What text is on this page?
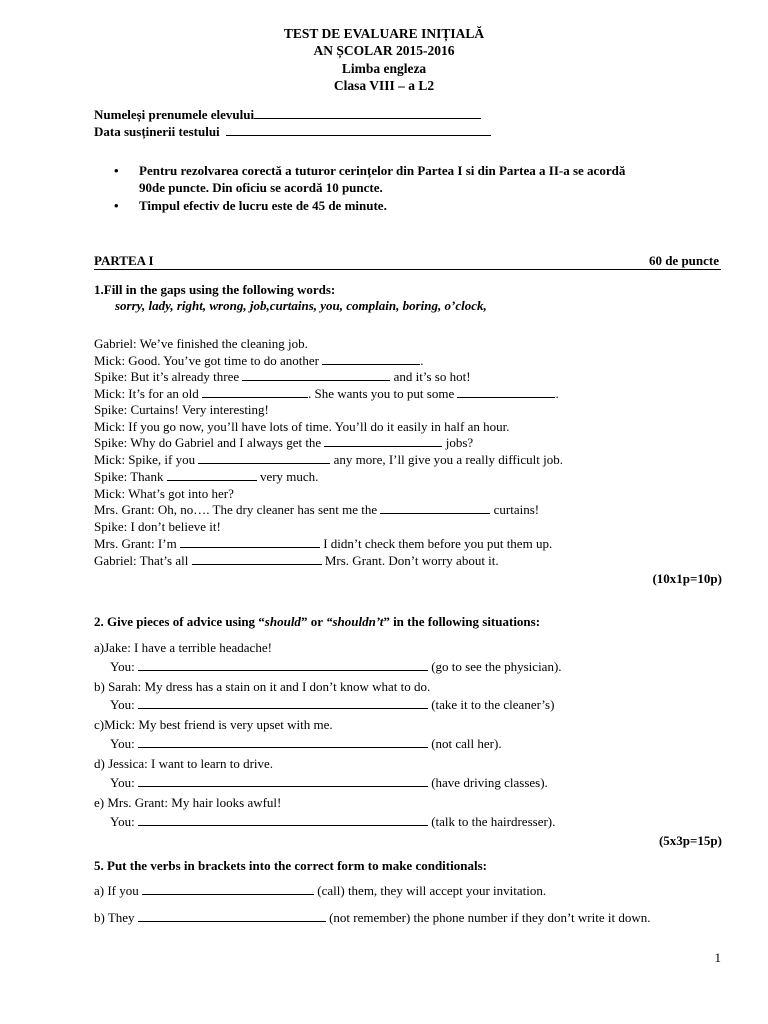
TEST DE EVALUARE INIȚIALĂ
AN ȘCOLAR 2015-2016
Limba engleza
Clasa VIII – a L2
Numeleși prenumele elevului
Data susținerii testului
• Pentru rezolvarea corectă a tuturor cerințelor din Partea I si din Partea a II-a se acordă
90de puncte. Din oficiu se acordă 10 puncte.
• Timpul efectiv de lucru este de 45 de minute.
PARTEA I	60 de puncte
1.Fill in the gaps using the following words:
sorry, lady, right, wrong, job,curtains, you, complain, boring, o’clock,
Gabriel: We’ve finished the cleaning job.
Mick: Good. You’ve got time to do another	.
Spike: But it’s already three	and it’s so hot!
Mick: It’s for an old	. She wants you to put some	.
Spike: Curtains! Very interesting!
Mick: If you go now, you’ll have lots of time. You’ll do it easily in half an hour.
Spike: Why do Gabriel and I always get the	jobs?
Mick: Spike, if you	any more, I’ll give you a really difficult job.
Spike: Thank	very much.
Mick: What’s got into her?
Mrs. Grant: Oh, no…. The dry cleaner has sent me the	curtains!
Spike: I don’t believe it!
Mrs. Grant: I’m	I didn’t check them before you put them up.
Gabriel: That’s all	Mrs. Grant. Don’t worry about it.
(10x1p=10p)
2. Give pieces of advice using “should” or “shouldn’t” in the following situations:
a)Jake: I have a terrible headache!
You:	(go to see the physician).
b) Sarah: My dress has a stain on it and I don’t know what to do.
You:	(take it to the cleaner’s)
c)Mick: My best friend is very upset with me.
You:	(not call her).
d) Jessica: I want to learn to drive.
You:	(have driving classes).
e) Mrs. Grant: My hair looks awful!
You:	(talk to the hairdresser).
(5x3p=15p)
5. Put the verbs in brackets into the correct form to make conditionals:
a) If you	(call) them, they will accept your invitation.
b) They	(not remember) the phone number if they don’t write it down.
1
